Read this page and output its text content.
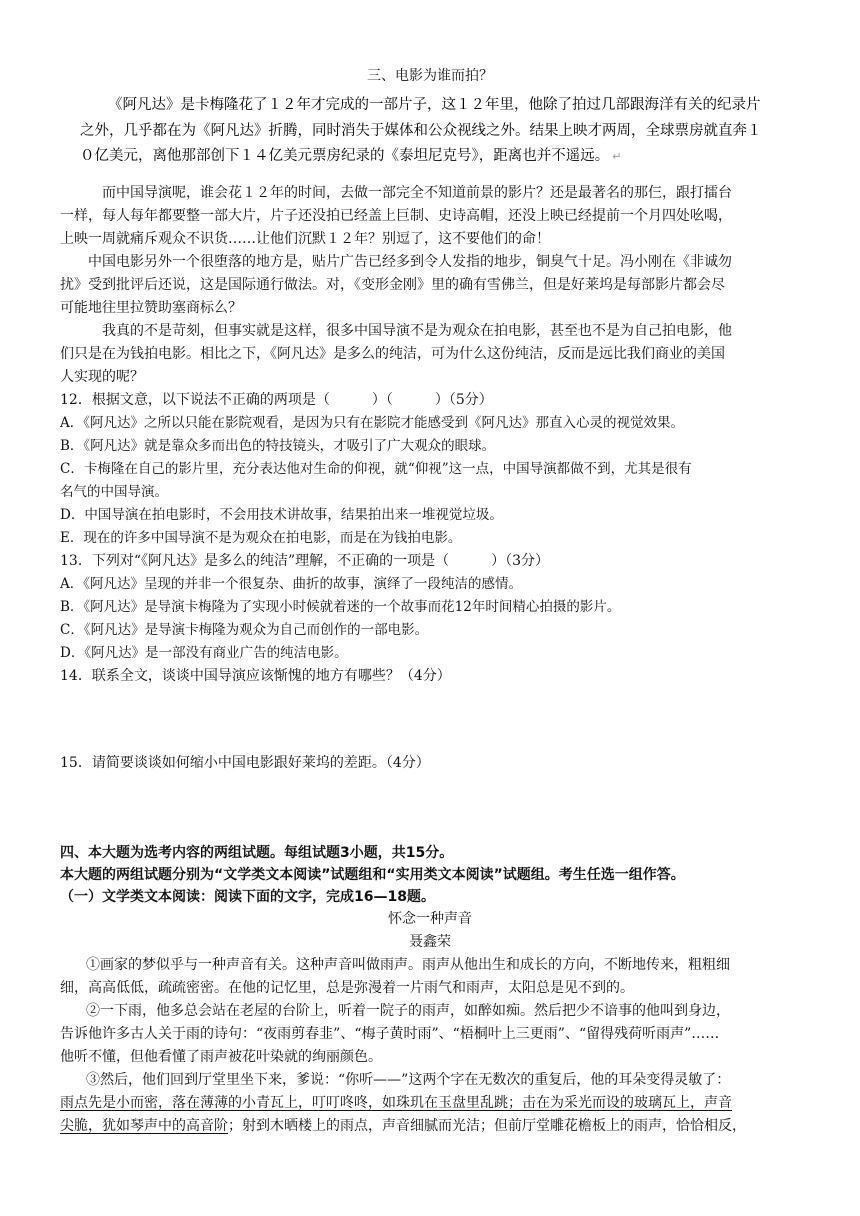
三、电影为谁而拍？
《阿凡达》是卡梅隆花了１２年才完成的一部片子，这１２年里，他除了拍过几部跟海洋有关的纪录片
之外，几乎都在为《阿凡达》折腾，同时消失于媒体和公众视线之外。结果上映才两周，全球票房就直奔１
０亿美元，离他那部创下１４亿美元票房纪录的《泰坦尼克号》，距离也并不遥远。 ↵
而中国导演呢，谁会花１２年的时间，去做一部完全不知道前景的影片？还是最著名的那仨，跟打擂台
一样，每人每年都要整一部大片，片子还没拍已经盖上巨制、史诗高帽，还没上映已经提前一个月四处吆喝，
上映一周就痛斥观众不识货……让他们沉默１２年？别逗了，这不要他们的命！
中国电影另外一个很堕落的地方是，贴片广告已经多到令人发指的地步，铜臭气十足。冯小刚在《非诚勿
扰》受到批评后还说，这是国际通行做法。对，《变形金刚》里的确有雪佛兰，但是好莱坞是每部影片都会尽
可能地往里拉赞助塞商标么？
我真的不是苛刻，但事实就是这样，很多中国导演不是为观众在拍电影，甚至也不是为自己拍电影，他
们只是在为钱拍电影。相比之下，《阿凡达》是多么的纯洁，可为什么这份纯洁，反而是远比我们商业的美国
人实现的呢？
12．根据文意，以下说法不正确的两项是（　　　）（　　　）（5分）
A．《阿凡达》之所以只能在影院观看，是因为只有在影院才能感受到《阿凡达》那直入心灵的视觉效果。
B．《阿凡达》就是靠众多而出色的特技镜头，才吸引了广大观众的眼球。
C．卡梅隆在自己的影片里，充分表达他对生命的仰视，就“仰视”这一点，中国导演都做不到，尤其是很有
名气的中国导演。
D．中国导演在拍电影时，不会用技术讲故事，结果拍出来一堆视觉垃圾。
E．现在的许多中国导演不是为观众在拍电影，而是在为钱拍电影。
13．下列对“《阿凡达》是多么的纯洁”理解，不正确的一项是（　　　）（3分）
A．《阿凡达》呈现的并非一个很复杂、曲折的故事，演绎了一段纯洁的感情。
B．《阿凡达》是导演卡梅隆为了实现小时候就着迷的一个故事而花12年时间精心拍摄的影片。
C．《阿凡达》是导演卡梅隆为观众为自己而创作的一部电影。
D．《阿凡达》是一部没有商业广告的纯洁电影。
14．联系全文，谈谈中国导演应该惭愧的地方有哪些？（4分）
15．请简要谈谈如何缩小中国电影跟好莱坞的差距。（4分）
四、本大题为选考内容的两组试题。每组试题3小题，共15分。
本大题的两组试题分别为“文学类文本阅读”试题组和“实用类文本阅读”试题组。考生任选一组作答。
（一）文学类文本阅读：阅读下面的文字，完成16—18题。
怀念一种声音
聂鑫荣
①画家的梦似乎与一种声音有关。这种声音叫做雨声。雨声从他出生和成长的方向，不断地传来，粗粗细
细，高高低低，疏疏密密。在他的记忆里，总是弥漫着一片雨气和雨声，太阳总是见不到的。
②一下雨，他多总会站在老屋的台阶上，听着一院子的雨声，如醉如痴。然后把少不谙事的他叫到身边，
告诉他许多古人关于雨的诗句：“夜雨剪春韭”、“梅子黄时雨”、“梧桐叶上三更雨”、“留得残荷听雨声”……
他听不懂，但他看懂了雨声被花叶染就的绚丽颜色。
③然后，他们回到厅堂里坐下来，爹说：“你听——”这两个字在无数次的重复后，他的耳朵变得灵敏了：
雨点先是小而密，落在薄薄的小青瓦上，叮叮咚咚，如珠玑在玉盘里乱跳；击在为采光而设的玻璃瓦上，声音
尖脆，犹如琴声中的高音阶；射到木晒楼上的雨点，声音细腻而光洁；但前厅堂雕花檐板上的雨声，恰恰相反，
